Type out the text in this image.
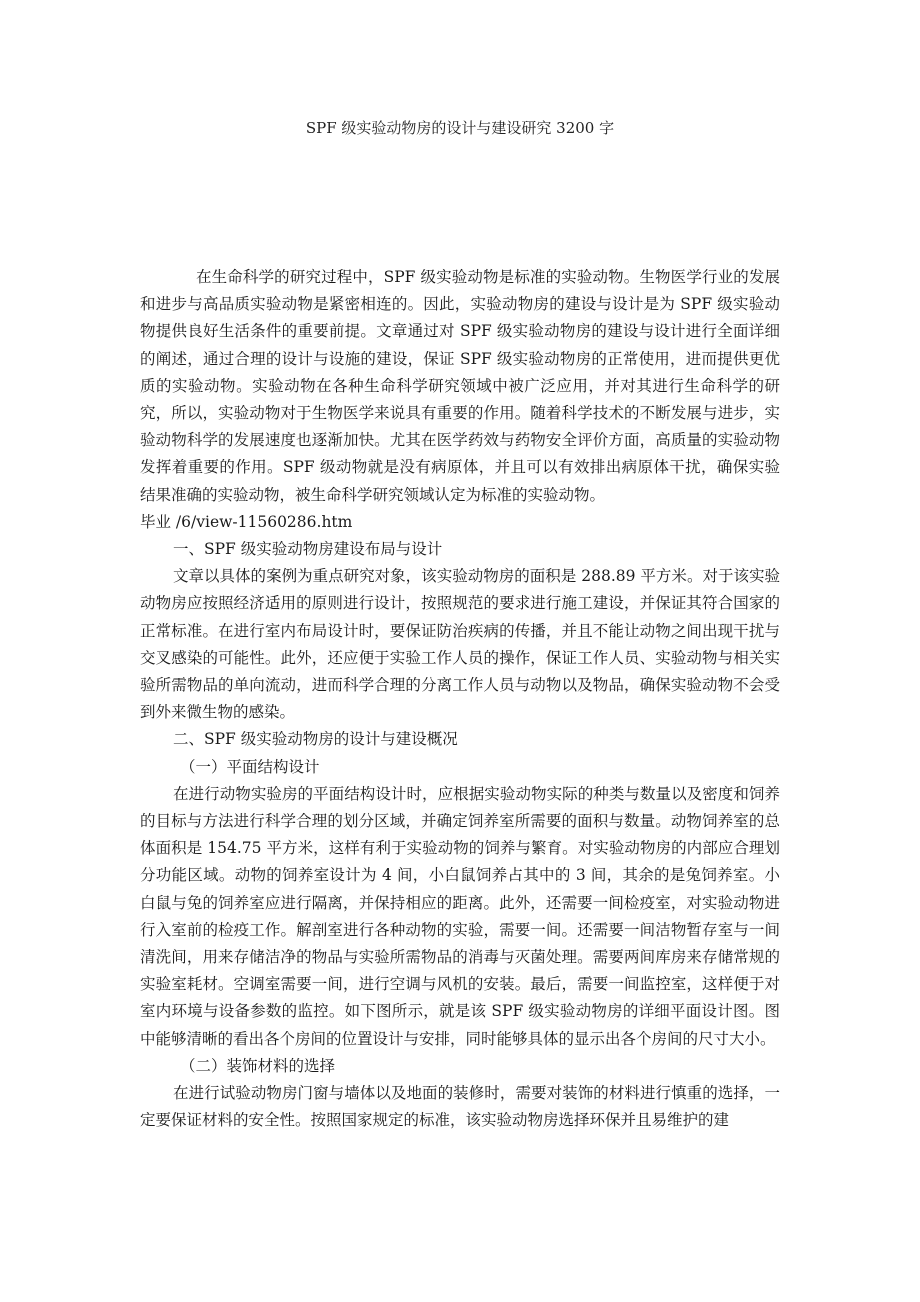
SPF 级实验动物房的设计与建设研究 3200 字

在生命科学的研究过程中，SPF 级实验动物是标准的实验动物。生物医学行业的发展和进步与高品质实验动物是紧密相连的。因此，实验动物房的建设与设计是为 SPF 级实验动物提供良好生活条件的重要前提。文章通过对 SPF 级实验动物房的建设与设计进行全面详细的阐述，通过合理的设计与设施的建设，保证 SPF 级实验动物房的正常使用，进而提供更优质的实验动物。实验动物在各种生命科学研究领域中被广泛应用，并对其进行生命科学的研究，所以，实验动物对于生物医学来说具有重要的作用。随着科学技术的不断发展与进步，实验动物科学的发展速度也逐渐加快。尤其在医学药效与药物安全评价方面，高质量的实验动物发挥着重要的作用。SPF 级动物就是没有病原体，并且可以有效排出病原体干扰，确保实验结果准确的实验动物，被生命科学研究领域认定为标准的实验动物。

毕业 /6/view-11560286.htm

一、SPF 级实验动物房建设布局与设计

文章以具体的案例为重点研究对象，该实验动物房的面积是 288.89 平方米。对于该实验动物房应按照经济适用的原则进行设计，按照规范的要求进行施工建设，并保证其符合国家的正常标准。在进行室内布局设计时，要保证防治疾病的传播，并且不能让动物之间出现干扰与交叉感染的可能性。此外，还应便于实验工作人员的操作，保证工作人员、实验动物与相关实验所需物品的单向流动，进而科学合理的分离工作人员与动物以及物品，确保实验动物不会受到外来微生物的感染。

二、SPF 级实验动物房的设计与建设概况

（一）平面结构设计

在进行动物实验房的平面结构设计时，应根据实验动物实际的种类与数量以及密度和饲养的目标与方法进行科学合理的划分区域，并确定饲养室所需要的面积与数量。动物饲养室的总体面积是 154.75 平方米，这样有利于实验动物的饲养与繁育。对实验动物房的内部应合理划分功能区域。动物的饲养室设计为 4 间，小白鼠饲养占其中的 3 间，其余的是兔饲养室。小白鼠与兔的饲养室应进行隔离，并保持相应的距离。此外，还需要一间检疫室，对实验动物进行入室前的检疫工作。解剖室进行各种动物的实验，需要一间。还需要一间洁物暂存室与一间清洗间，用来存储洁净的物品与实验所需物品的消毒与灭菌处理。需要两间库房来存储常规的实验室耗材。空调室需要一间，进行空调与风机的安装。最后，需要一间监控室，这样便于对室内环境与设备参数的监控。如下图所示，就是该 SPF 级实验动物房的详细平面设计图。图中能够清晰的看出各个房间的位置设计与安排，同时能够具体的显示出各个房间的尺寸大小。

（二）装饰材料的选择

在进行试验动物房门窗与墙体以及地面的装修时，需要对装饰的材料进行慎重的选择，一定要保证材料的安全性。按照国家规定的标准，该实验动物房选择环保并且易维护的建
